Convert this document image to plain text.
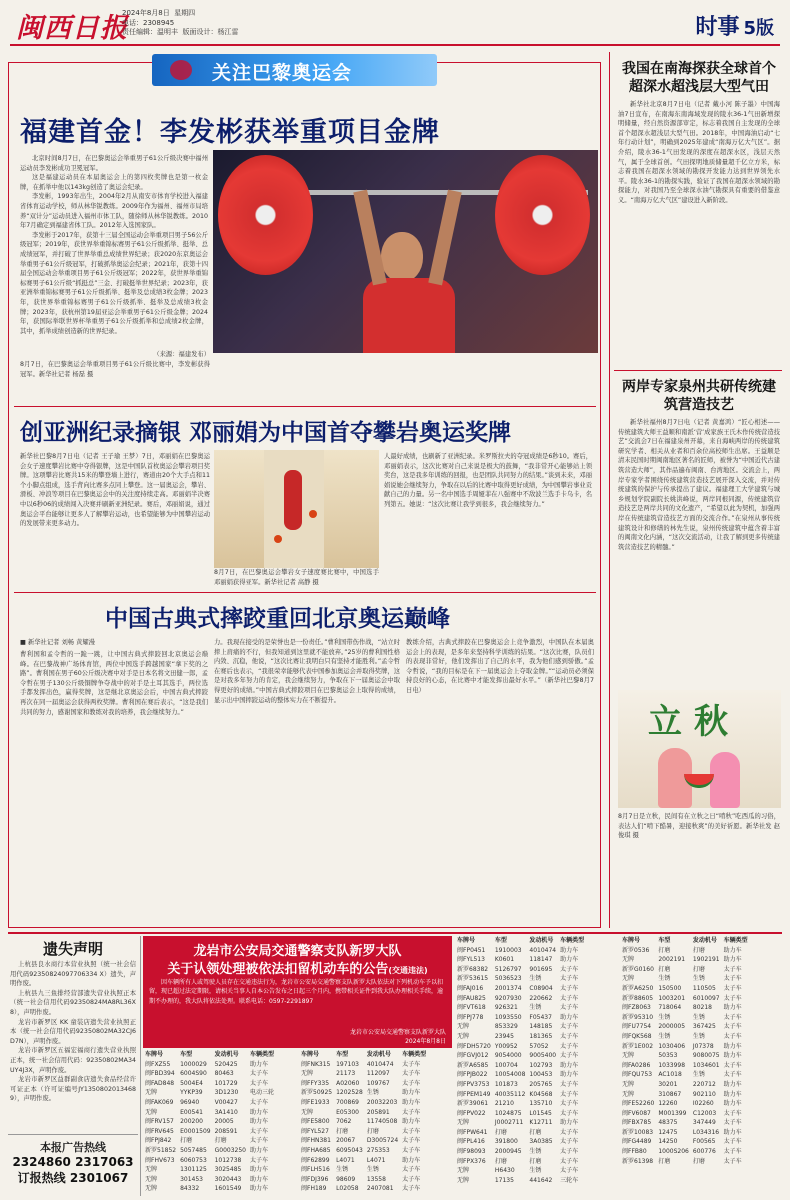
闽西日报
2024年8月8日 星期四
电话：2308945
责任编辑：温明丰 版面设计：杨江雷	时事 5版
关注巴黎奥运会
福建首金！李发彬获举重项目金牌
8月7日，在巴黎奥运会举重项目男子61公斤级比赛中，李发彬获得冠军。新华社记者 杨磊 摄

北京时间8月7日，在巴黎奥运会举重男子61公斤级决赛中福州运动员李发彬成功卫冕冠军。

这是福建运动员在本届奥运会上的第四枚奖牌也是第一枚金牌，在抓举中他以143kg创造了奥运会纪录。

李发彬，1993年出生，2004年2月从南安市体育学校进入福建省体育运动学校，师从林华锐教练。2009年作为福州、福州市局培养“双计分”运动员进入福州市体工队，随徐师从林华锐教练。2010年7月确定到福建省体工队。2012年入选国家队。

李发彬于2017年，获第十三届全国运动会举重项目男子56公斤级冠军；2019年，获世界举重锦标赛男子61公斤级抓举、挺举、总成绩冠军，并打破了世界举重总成绩世界纪录；获2020东京奥运会举重男子61公斤级冠军，打破抓举奥运会纪录；2021年，获第十四届全国运动会举重项目男子61公斤级冠军；2022年，获世界举重锦标赛男子61公斤级“抓挺总”三金、打破挺举世界纪录；2023年，获亚洲举重锦标赛男子61公斤级抓举、挺举及总成绩3枚金牌；2023年，获世界举重锦标赛男子61公斤级抓举、挺举及总成绩3枚金牌；2023年，获杭州第19届亚运会举重男子61公斤级金牌；2024年，获国际举联世界杯举重男子61公斤级抓举和总成绩2枚金牌，其中，抓举成绩创造新的世界纪录。

（来源：福建发布）
创亚洲纪录摘银 邓丽娟为中国首夺攀岩奥运奖牌
新华社巴黎8月7日电（记者 王子瑜 王梦）7日，邓丽娟在巴黎奥运会女子速度攀岩比赛中夺得银牌，这是中国队首枚奥运会攀岩项目奖牌。这项攀岩比赛共15米的攀登墙上进行，赛道由20个大手点和11个小脚点组成，选手背向比赛多点同上攀登。这一届奥运会，攀岩、滑板、冲浪等项目在巴黎奥运会中的关注度持续走高。邓丽娟半决赛中以6秒06的成绩闯入决赛并刷新亚洲纪录。赛后，邓丽娟说，通过奥运会平台能够让更多人了解攀岩运动，也希望能够为中国攀岩运动的发展带来更多动力。
8月7日，在巴黎奥运会攀岩女子速度赛比赛中，中国选手邓丽娟获得亚军。新华社记者 高静 摄
人最好成绩，也刷新了亚洲纪录。米罗斯拉夫的夺冠成绩是6秒10。赛后，邓丽娟表示，这次比赛对自己来说是极大的鼓舞，“我非常开心能够站上领奖台，这是我多年训练的回报，也是团队共同努力的结果。”谈到未来，邓丽娟说她会继续努力，争取在以后的比赛中取得更好成绩，为中国攀岩事业贡献自己的力量。另一名中国选手周娅菲在八强赛中不敌波兰选手卡乌卡，名列第五。她说：“这次比赛让我学到很多，我会继续努力。”
中国古典式摔跤重回北京奥运巅峰
■ 新华社记者 刘畅 黄耀漫
曹利国和孟令哲的一跪一跳，让中国古典式摔跤回北京奥运会巅峰。在巴黎战神广场体育馆，两位中国选手跨越国家“拿下奖的之路”。曹利国在男子60公斤级决赛中对手是日本名将文田健一郎，孟令哲在男子130公斤级铜牌争夺战中的对手是土耳其选手，两位选手都发挥出色，赢得奖牌，这是继北京奥运会后，中国古典式摔跤再次在同一届奥运会获得两枚奖牌。曹利国在赛后表示，“这是我们共同的努力，感谢国家和教练对我的培养，我会继续努力。”
力。我现在接受的是荣誉也是一份责任。”曹利国带伤作战，“站立时摔上肩痛的不行，但我知道到这里就不能放弃。”25岁的曹利国性格内敛、沉稳，他说，“这次比赛让我明白只有坚持才能胜利。”孟令哲在赛后也表示，“我很荣幸能够代表中国参加奥运会并取得奖牌，这是对我多年努力的肯定，我会继续努力，争取在下一届奥运会中取得更好的成绩。”中国古典式摔跤项目在巴黎奥运会上取得的成绩，显示出中国摔跤运动的整体实力在不断提升。
教练介绍，古典式摔跤在巴黎奥运会上竞争激烈，中国队在本届奥运会上的表现，是多年来坚持科学训练的结果。“这次比赛，队员们的表现非常好，他们发挥出了自己的水平，我为他们感到骄傲。”孟令哲说，“我的目标是在下一届奥运会上夺取金牌。”“运动员必须保持良好的心态，在比赛中才能发挥出最好水平。”（新华社巴黎8月7日电）
我国在南海探获全球首个超深水超浅层大型气田
新华社北京8月7日电（记者 戴小河 陈子墨）中国海油7日宣布，在南海东南海域发现的陵水36-1气田新增探明储量，经自然资源部审定，标志着我国自主发现的全球首个超深水超浅层大型气田。2018年，中国海油启动“七年行动计划”，明确到2025年建成“南海万亿大气区”。据介绍，陵水36-1气田发现的深度在超深水区，浅层天然气，属于全球首创。气田探明地质储量超千亿立方米，标志着我国在超深水领域的勘探开发能力达到世界领先水平。陵水36-1的勘探实践，验证了我国在超深水领域的勘探能力，对我国乃至全球深水油气勘探具有重要的借鉴意义。“南海万亿大气区”建设进入新阶段。
两岸专家泉州共研传统建筑营造技艺
新华社福州8月7日电（记者 黄嘉鸿）“匠心相述——传统建筑大师王益顺和南派‘营’成家族王氏木作传统营造技艺”交流会7日在福建泉州开幕，来自海峡两岸的传统建筑研究学者、相关从业者和百余位高校师生出席。王益顺是清末民国时期闽南地区著名的匠师，被誉为“中国近代古建筑营造大师”，其作品遍布闽南、台湾地区。交流会上，两岸专家学者围绕传统建筑营造技艺展开深入交流，并对传统建筑的保护与传承提出了建议。福建理工大学建筑与城乡规划学院副院长姚洪峰说，两岸同根同源，传统建筑营造技艺是两岸共同的文化遗产，“希望以此为契机，加强两岸在传统建筑营造技艺方面的交流合作。”在泉州从事传统建筑设计和修缮的林先生说，泉州传统建筑中蕴含着丰富的闽南文化内涵，“这次交流活动，让我了解到更多传统建筑营造技艺的精髓。”
立秋
8月7日是立秋，民间有在立秋之日“啃秋”吃西瓜的习俗，表达人们“啃下酷暑，迎接秋爽”的美好祈愿。新华社发 赵俊琪 摄
遗失声明

上杭县良水商行本营业执照（统一社会信用代码92350824097706334 X）遗失，声明作废。

上杭县九三鱼排经营部遗失营业执照正本（统一社会信用代码92350824MA8RL36X8），声明作废。

龙岩市新罗区 KK 童装店遗失营业执照正本（统一社会信用代码92350802MA32CJ6D7N），声明作废。

龙岩市新罗区五福宏福商行遗失营业执照正本，统一社会信用代码：92350802MA34UY4J3X，声明作废。

龙岩市新罗区益群副食店遗失食品经营许可证正本（许可证编号JY13508020134689），声明作废。

本报广告热线
2324860 2317063
订报热线 2301067
龙岩市公安局交通警察支队新罗大队
关于认领处理被依法扣留机动车的公告(交通违法)
因车辆所有人或驾驶人员存在交通违法行为，龙岩市公安局交通警察支队新罗大队依法对下列机动车予以扣留，现已超过法定期限，请相关当事人自本公告发布之日起三个月内，携带相关证件到我大队办理相关手续，逾期不办理的，我大队将依法处理。联系电话：0597-2291897
龙岩市公安局交通警察支队新罗大队
2024年8月8日
车牌号	车型	发动机号	车辆类型
闽FXZ55	1000029	520425	助力车
闽FBD394	6004S90	80463	太子车
闽FAD848	5004E4	101729	太子车
无牌	YYKP39	3D1230	电动三轮
闽FAK069	96940	V00427	太子车
无牌	E00541	3A1410	助力车
闽FRV157	200200	20005	助力车
闽FRV645	E0001509	208591	太子车
闽FPJ842	打磨	打磨	太子车
新罗51852	5057485	G0003250	助力车
闽FHV673	6060753	1012738	太子车
无牌	1301125	3025485	助力车
无牌	301453	3020443	助力车
无牌	84332	1601549	助力车
车牌号	车型	发动机号	车辆类型
闽FNK315	197103	4010474	太子车
无牌	21173	112097	太子车
闽FFY335	A02060	109767	太子车
新罗50925	1202528	生锈	助力车
闽FE1933	700869	20032203	助力车
无牌	E05300	205891	太子车
闽FE5800	7062	11740508	助力车
闽FYL527	打磨	打磨	太子车
闽FHN381	20067	D3005724	太子车
闽FHA685	6095043	275353	太子车
闽F62899	L4071	L4071	助力车
闽FLH516	生锈	生锈	太子车
闽FDJ396	98609	13558	太子车
闽FH189	L02058	2407081	太子车
车牌号	车型	发动机号	车辆类型
闽FP0451	1910003	4010474	助力车
闽FYL513	K0601	118147	助力车
新罗68382	5126797	901695	太子车
新罗53615	5036523	生锈	太子车
闽FAJ016	2001374	C08904	太子车
闽FAU825	9207930	220662	太子车
闽FVT618	926321	生锈	太子车
闽FPJ778	1093550	F05437	助力车
无牌	853329	148185	太子车
无牌	23945	181365	太子车
闽FDH5720	Y00952	57052	太子车
闽FGVJ012	9054000	9005400	太子车
新罗A6585	100704	102793	助力车
闽FPJB022	10054008	100453	助力车
闽FPV3753	101873	205765	太子车
闽FPEM149	40035112	K04568	太子车
新罗39061	21210	135710	太子车
闽FPV022	1024875	L01545	太子车
无牌	J0002711	K12711	助力车
闽FPW641	打磨	打磨	太子车
闽FPL416	391800	3A0385	太子车
闽F98093	2000945	生锈	太子车
闽FPX376	打磨	打磨	太子车
无牌	H6430	生锈	太子车
无牌	17135	441642	三轮车
车牌号	车型	发动机号	车辆类型
新罗0536	打磨	打磨	助力车
无牌	2002191	1902191	助力车
新罗G0160	打磨	打磨	太子车
无牌	生锈	生锈	太子车
新罗A6250	150500	110505	太子车
新罗88605	1003201	6010097	太子车
闽FZ8063	718064	80218	助力车
新罗95310	生锈	生锈	太子车
闽FU7754	2000005	367425	太子车
闽FQK568	生锈	生锈	太子车
新罗1E002	1030406	J07378	助力车
无牌	50353	9080075	助力车
闽FA0286	1033998	1034601	太子车
闽FQU753	AC1018	生锈	太子车
无牌	30201	220712	助力车
无牌	310867	902110	助力车
闽FE52260	12260	I02260	助力车
闽FV6087	M001399	C12003	太子车
闽FBX785	48375	347449	太子车
新罗10083	12475	L034316	助力车
闽FG4489	14250	F00565	太子车
闽FFB80	1000S206	600776	太子车
新罗61398	打磨	打磨	太子车
